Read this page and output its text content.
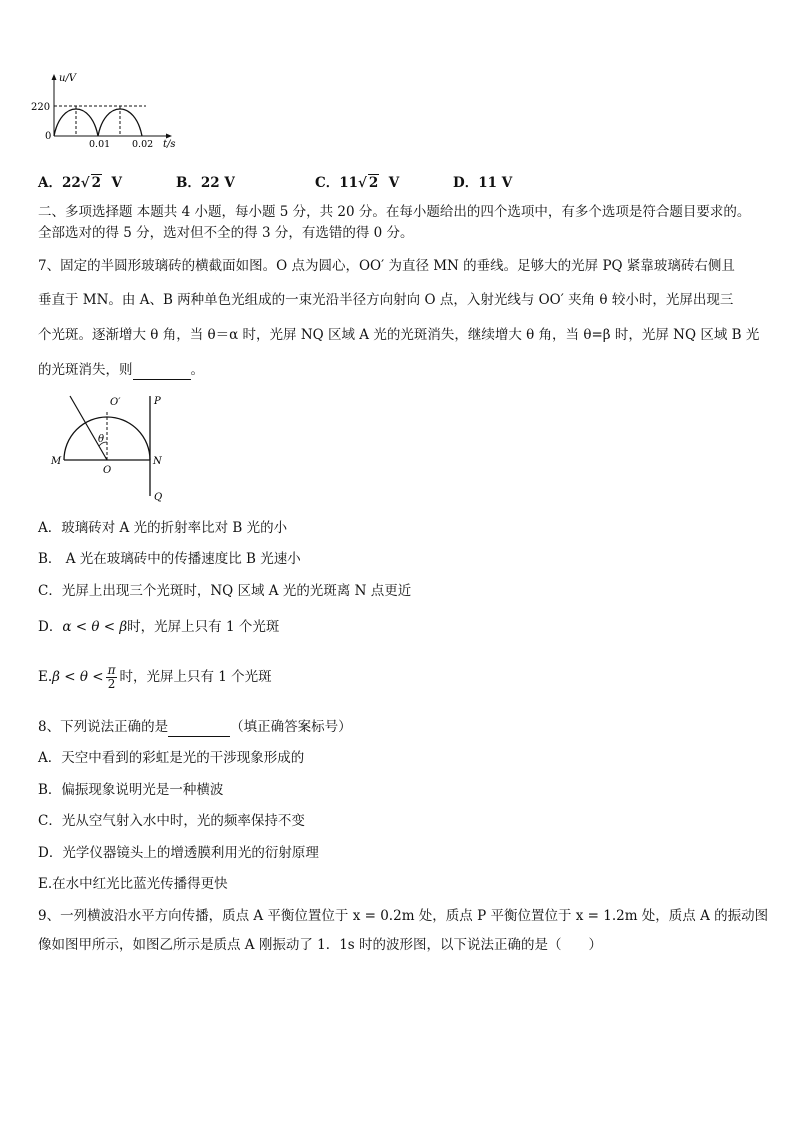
u/V
220
0
0.01 0.02 t/s
A．22√ 2 V	B．22 V	C．11√ 2 V	D．11 V
二、多项选择题 本题共 4 小题，每小题 5 分，共 20 分。在每小题给出的四个选项中，有多个选项是符合题目要求的。
全部选对的得 5 分，选对但不全的得 3 分，有选错的得 0 分。
7、固定的半圆形玻璃砖的横截面如图。O 点为圆心，OO′ 为直径 MN 的垂线。足够大的光屏 PQ 紧靠玻璃砖右侧且
垂直于 MN。由 A、B 两种单色光组成的一束光沿半径方向射向 O 点，入射光线与 OO′ 夹角 θ 较小时，光屏出现三
个光斑。逐渐增大 θ 角，当 θ＝α 时，光屏 NQ 区域 A 光的光斑消失，继续增大 θ 角，当 θ=β 时，光屏 NQ 区域 B 光
的光斑消失，则	。
O′	P
θ
M
O
N
Q
A．玻璃砖对 A 光的折射率比对 B 光的小
B． A 光在玻璃砖中的传播速度比 B 光速小
C．光屏上出现三个光斑时，NQ 区域 A 光的光斑离 N 点更近
D．α < θ < β时，光屏上只有 1 个光斑
$E.\beta < \theta < \frac{\pi}{2}$ 时，光屏上只有 1 个光斑
8、下列说法正确的是	（填正确答案标号）
A．天空中看到的彩虹是光的干涉现象形成的
B．偏振现象说明光是一种横波
C．光从空气射入水中时，光的频率保持不变
D．光学仪器镜头上的增透膜利用光的衍射原理
E.在水中红光比蓝光传播得更快
9、一列横波沿水平方向传播，质点 A 平衡位置位于 x = 0.2m 处，质点 P 平衡位置位于 x = 1.2m 处，质点 A 的振动图
像如图甲所示，如图乙所示是质点 A 刚振动了 1．1s 时的波形图，以下说法正确的是（　　）
